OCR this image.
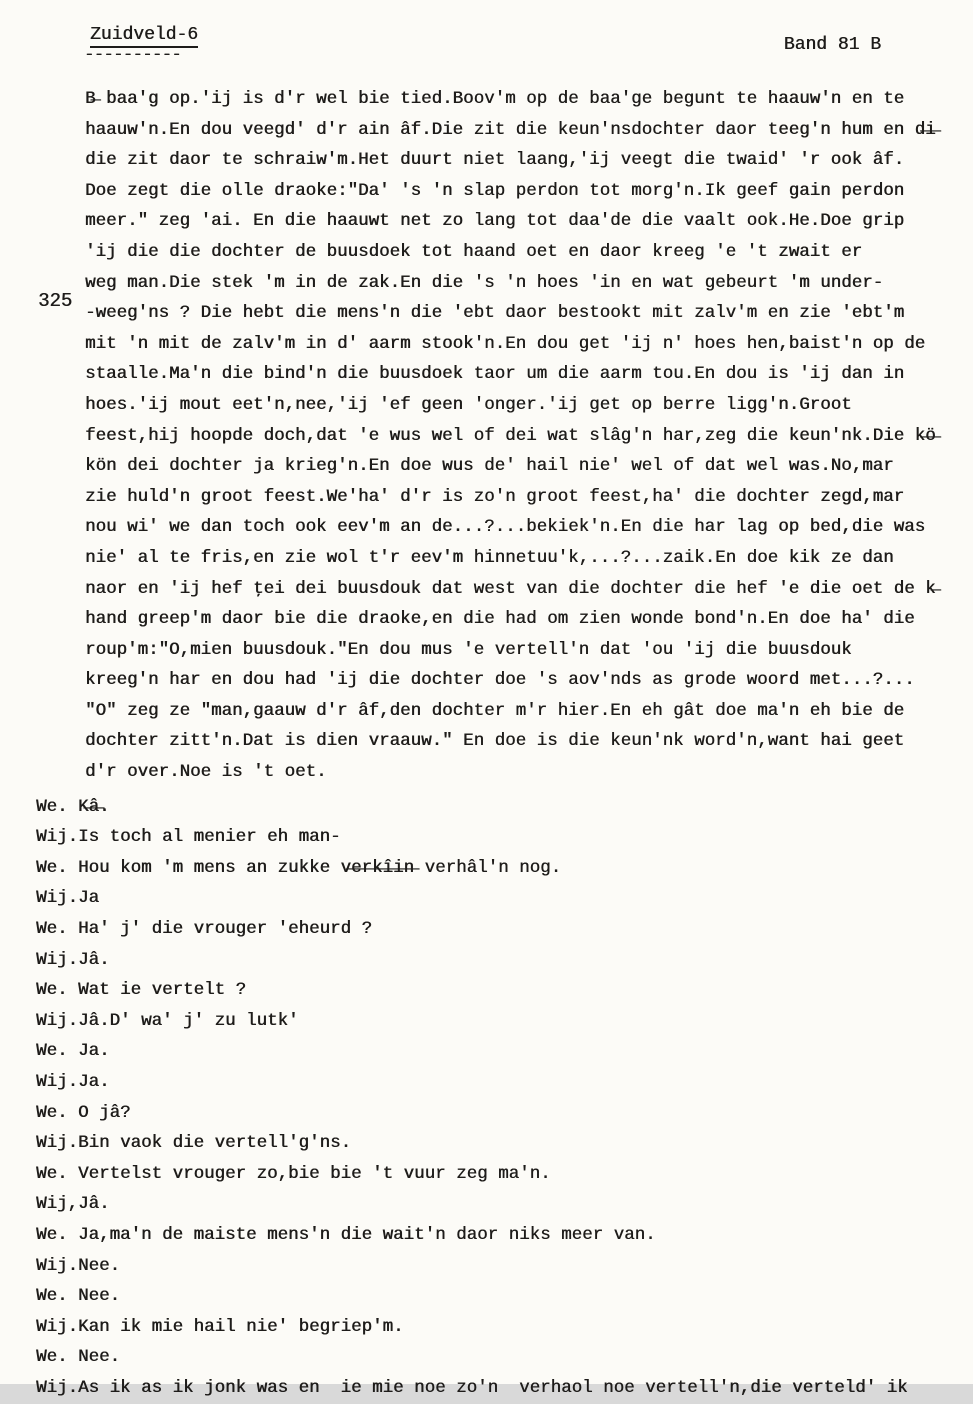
Zuidveld-6
----------
Band 81 B
325
B̶ baa'g op.'ij is d'r wel bie tied.Boov'm op de baa'ge begunt te haauw'n en te
haauw'n.En dou veegd' d'r ain âf.Die zit die keun'nsdochter daor teeg'n hum en d̶i̶
die zit daor te schraiw'm.Het duurt niet laang,'ij veegt die twaid' 'r ook âf.
Doe zegt die olle draoke:"Da' 's 'n slap perdon tot morg'n.Ik geef gain perdon
meer." zeg 'ai. En die haauwt net zo lang tot daa'de die vaalt ook.He.Doe grip
'ij die die dochter de buusdoek tot haand oet en daor kreeg 'e 't zwait er
weg man.Die stek 'm in de zak.En die 's 'n hoes 'in en wat gebeurt 'm under-
-weeg'ns ? Die hebt die mens'n die 'ebt daor bestookt mit zalv'm en zie 'ebt'm
mit 'n mit de zalv'm in d' aarm stook'n.En dou get 'ij n' hoes hen,baist'n op de
staalle.Ma'n die bind'n die buusdoek taor um die aarm tou.En dou is 'ij dan in
hoes.'ij mout eet'n,nee,'ij 'ef geen 'onger.'ij get op berre ligg'n.Groot
feest,hij hoopde doch,dat 'e wus wel of dei wat slâg'n har,zeg die keun'nk.Die k̶ö̶
kön dei dochter ja krieg'n.En doe wus de' hail nie' wel of dat wel was.No,mar
zie huld'n groot feest.We'ha' d'r is zo'n groot feest,ha' die dochter zegd,mar
nou wi' we dan toch ook eev'm an de...?...bekiek'n.En die har lag op bed,die was
nie' al te fris,en zie wol t'r eev'm hinnetuu'k,...?...zaik.En doe kik ze dan
naor en 'ij hef ţei dei buusdouk dat west van die dochter die hef 'e die oet de k̶
hand greep'm daor bie die draoke,en die had om zien wonde bond'n.En doe ha' die
roup'm:"O,mien buusdouk."En dou mus 'e vertell'n dat 'ou 'ij die buusdouk
kreeg'n har en dou had 'ij die dochter doe 's aov'nds as grode woord met...?...
"O" zeg ze "man,gaauw d'r âf,den dochter m'r hier.En eh gât doe ma'n eh bie de
dochter zitt'n.Dat is dien vraauw." En doe is die keun'nk word'n,want hai geet
d'r over.Noe is 't oet.
We. K̶â̶.
Wij.Is toch al menier eh man-
We. Hou kom 'm mens an zukke v̶e̶r̶k̶î̶i̶n̶ verhâl'n nog.
Wij.Ja
We. Ha' j' die vrouger 'eheurd ?
Wij.Jâ.
We. Wat ie vertelt ?
Wij.Jâ.D' wa' j' zu lutk'
We. Ja.
Wij.Ja.
We. O jâ?
Wij.Bin vaok die vertell'g'ns.
We. Vertelst vrouger zo,bie bie 't vuur zeg ma'n.
Wij,Jâ.
We. Ja,ma'n de maiste mens'n die wait'n daor niks meer van.
Wij.Nee.
We. Nee.
Wij.Kan ik mie hail nie' begriep'm.
We. Nee.
Wij.As ik as ik jonk was en  ie mie noe zo'n  verhaol noe vertell'n,die verteld' ik
